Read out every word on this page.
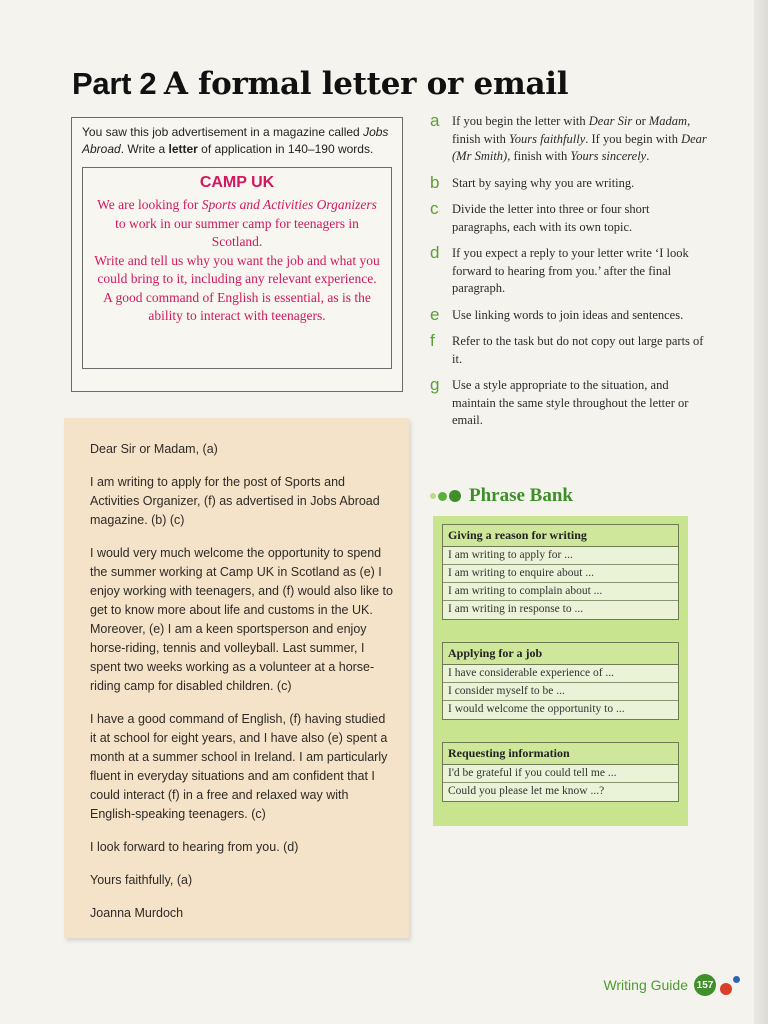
Part 2 A formal letter or email
You saw this job advertisement in a magazine called Jobs Abroad. Write a letter of application in 140–190 words.
CAMP UK

We are looking for Sports and Activities Organizers to work in our summer camp for teenagers in Scotland.

Write and tell us why you want the job and what you could bring to it, including any relevant experience.

A good command of English is essential, as is the ability to interact with teenagers.

Dear Sir or Madam, (a)

I am writing to apply for the post of Sports and Activities Organizer, (f) as advertised in Jobs Abroad magazine. (b) (c)

I would very much welcome the opportunity to spend the summer working at Camp UK in Scotland as (e) I enjoy working with teenagers, and (f) would also like to get to know more about life and customs in the UK. Moreover, (e) I am a keen sportsperson and enjoy horse-riding, tennis and volleyball. Last summer, I spent two weeks working as a volunteer at a horse-riding camp for disabled children. (c)

I have a good command of English, (f) having studied it at school for eight years, and I have also (e) spent a month at a summer school in Ireland. I am particularly fluent in everyday situations and am confident that I could interact (f) in a free and relaxed way with English-speaking teenagers. (c)

I look forward to hearing from you. (d)

Yours faithfully, (a)

Joanna Murdoch

a	If you begin the letter with Dear Sir or Madam, finish with Yours faithfully. If you begin with Dear (Mr Smith), finish with Yours sincerely.
b	Start by saying why you are writing.
c	Divide the letter into three or four short paragraphs, each with its own topic.
d	If you expect a reply to your letter write ‘I look forward to hearing from you.’ after the final paragraph.
e	Use linking words to join ideas and sentences.
f	Refer to the task but do not copy out large parts of it.
g	Use a style appropriate to the situation, and maintain the same style throughout the letter or email.
Phrase Bank
Giving a reason for writing
I am writing to apply for ...
I am writing to enquire about ...
I am writing to complain about ...
I am writing in response to ...
Applying for a job
I have considerable experience of ...
I consider myself to be ...
I would welcome the opportunity to ...
Requesting information
I'd be grateful if you could tell me ...
Could you please let me know ...?
Writing Guide 157
